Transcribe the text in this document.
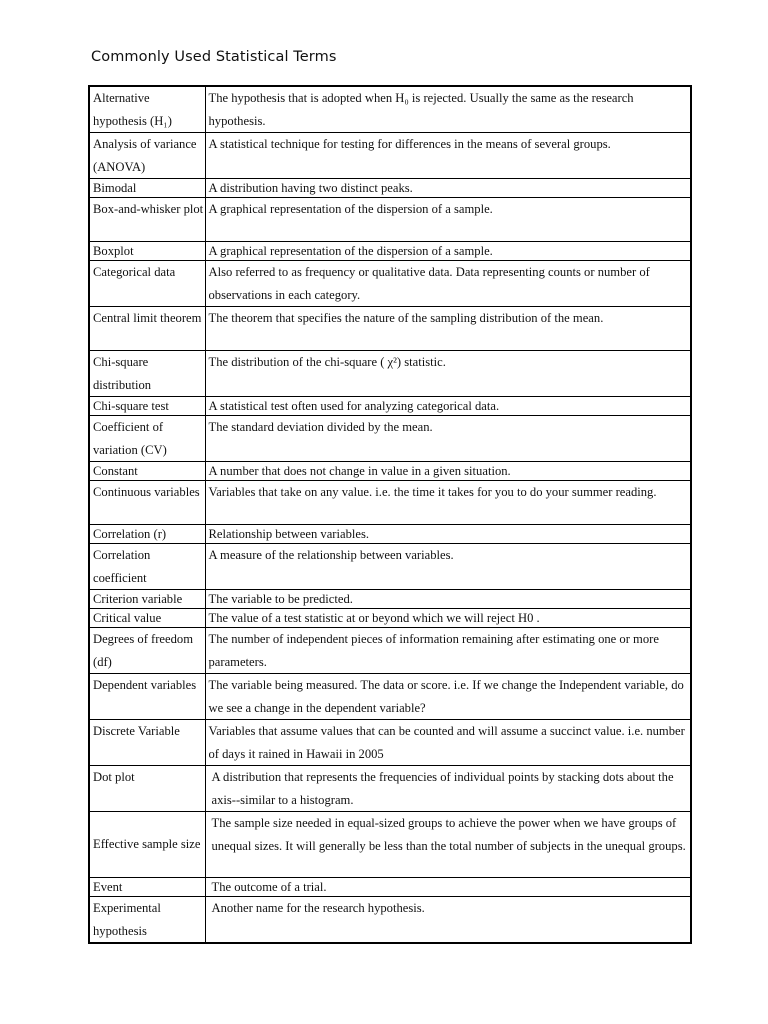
Commonly Used Statistical Terms
Alternative hypothesis (H₁)	The hypothesis that is adopted when H₀ is rejected. Usually the same as the research hypothesis.
Analysis of variance (ANOVA)	A statistical technique for testing for differences in the means of several groups.
Bimodal	A distribution having two distinct peaks.
Box-and-whisker plot	A graphical representation of the dispersion of a sample.
Boxplot	A graphical representation of the dispersion of a sample.
Categorical data	Also referred to as frequency or qualitative data. Data representing counts or number of observations in each category.
Central limit theorem	The theorem that specifies the nature of the sampling distribution of the mean.
Chi-square distribution	The distribution of the chi-square ( χ²) statistic.
Chi-square test	A statistical test often used for analyzing categorical data.
Coefficient of variation (CV)	The standard deviation divided by the mean.
Constant	A number that does not change in value in a given situation.
Continuous variables	Variables that take on any value. i.e. the time it takes for you to do your summer reading.
Correlation (r)	Relationship between variables.
Correlation coefficient	A measure of the relationship between variables.
Criterion variable	The variable to be predicted.
Critical value	The value of a test statistic at or beyond which we will reject H0 .
Degrees of freedom (df)	The number of independent pieces of information remaining after estimating one or more parameters.
Dependent variables	The variable being measured. The data or score. i.e. If we change the Independent variable, do we see a change in the dependent variable?
Discrete Variable	Variables that assume values that can be counted and will assume a succinct value. i.e. number of days it rained in Hawaii in 2005
Dot plot	A distribution that represents the frequencies of individual points by stacking dots about the axis--similar to a histogram.
Effective sample size	The sample size needed in equal-sized groups to achieve the power when we have groups of unequal sizes. It will generally be less than the total number of subjects in the unequal groups.
Event	The outcome of a trial.
Experimental hypothesis	Another name for the research hypothesis.
